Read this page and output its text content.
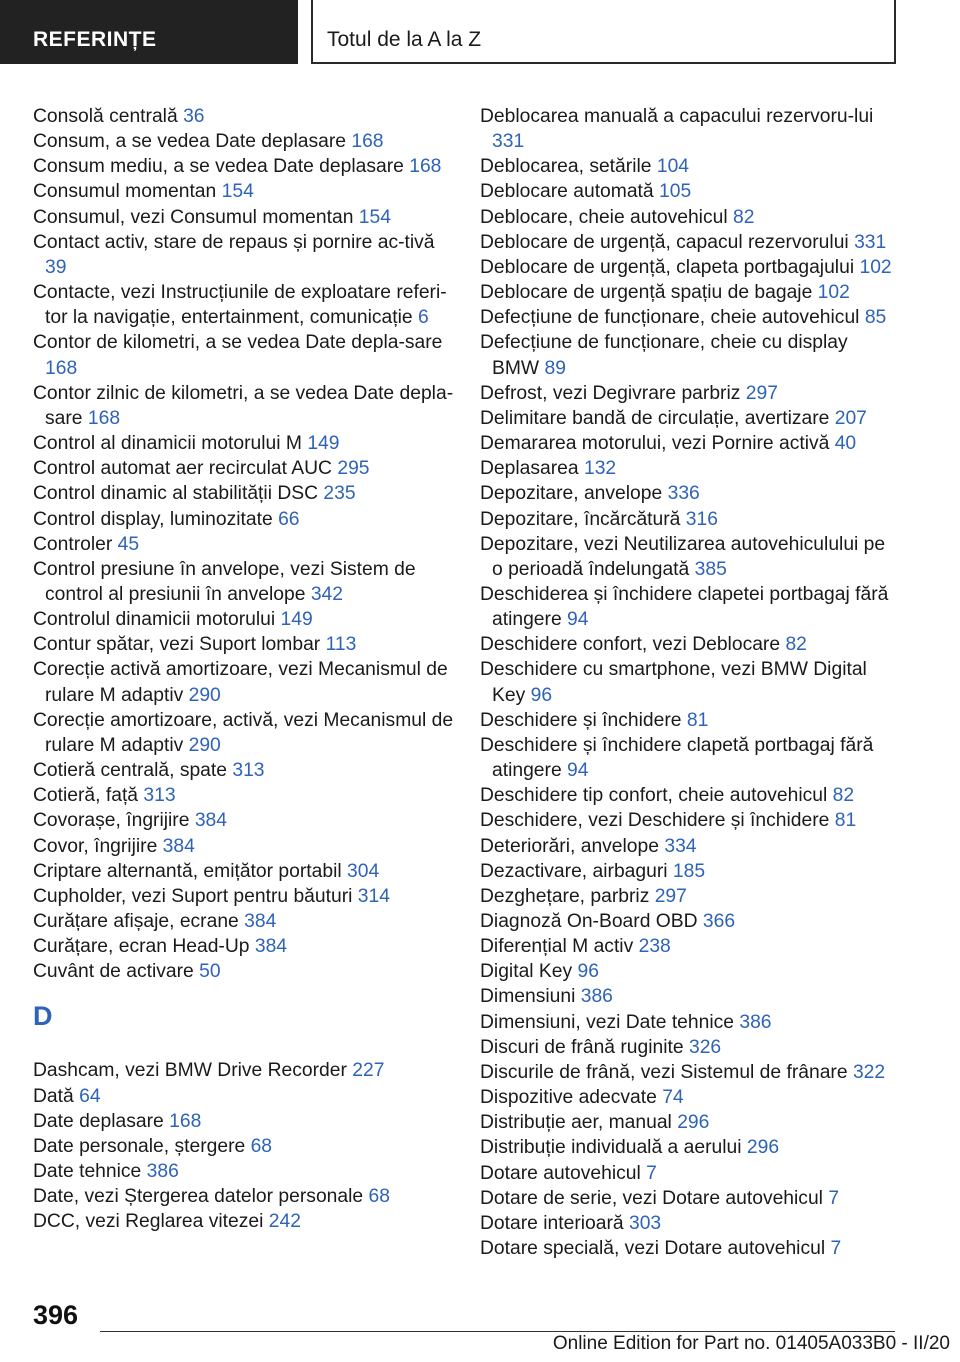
REFERINȚE	Totul de la A la Z
Consolă centrală 36
Consum, a se vedea Date deplasare 168
Consum mediu, a se vedea Date deplasare 168
Consumul momentan 154
Consumul, vezi Consumul momentan 154
Contact activ, stare de repaus și pornire ac-tivă 39
Contacte, vezi Instrucțiunile de exploatare referi-tor la navigație, entertainment, comunicație 6
Contor de kilometri, a se vedea Date depla-sare 168
Contor zilnic de kilometri, a se vedea Date depla-sare 168
Control al dinamicii motorului M 149
Control automat aer recirculat AUC 295
Control dinamic al stabilității DSC 235
Control display, luminozitate 66
Controler 45
Control presiune în anvelope, vezi Sistem de control al presiunii în anvelope 342
Controlul dinamicii motorului 149
Contur spătar, vezi Suport lombar 113
Corecție activă amortizoare, vezi Mecanismul de rulare M adaptiv 290
Corecție amortizoare, activă, vezi Mecanismul de rulare M adaptiv 290
Cotieră centrală, spate 313
Cotieră, față 313
Covorașe, îngrijire 384
Covor, îngrijire 384
Criptare alternantă, emițător portabil 304
Cupholder, vezi Suport pentru băuturi 314
Curățare afișaje, ecrane 384
Curățare, ecran Head-Up 384
Cuvânt de activare 50
D
Dashcam, vezi BMW Drive Recorder 227
Dată 64
Date deplasare 168
Date personale, ștergere 68
Date tehnice 386
Date, vezi Ștergerea datelor personale 68
DCC, vezi Reglarea vitezei 242
Deblocarea manuală a capacului rezervoru-lui 331
Deblocarea, setările 104
Deblocare automată 105
Deblocare, cheie autovehicul 82
Deblocare de urgență, capacul rezervorului 331
Deblocare de urgență, clapeta portbagajului 102
Deblocare de urgență spațiu de bagaje 102
Defecțiune de funcționare, cheie autovehicul 85
Defecțiune de funcționare, cheie cu display BMW 89
Defrost, vezi Degivrare parbriz 297
Delimitare bandă de circulație, avertizare 207
Demararea motorului, vezi Pornire activă 40
Deplasarea 132
Depozitare, anvelope 336
Depozitare, încărcătură 316
Depozitare, vezi Neutilizarea autovehiculului pe o perioadă îndelungată 385
Deschiderea și închidere clapetei portbagaj fără atingere 94
Deschidere confort, vezi Deblocare 82
Deschidere cu smartphone, vezi BMW Digital Key 96
Deschidere și închidere 81
Deschidere și închidere clapetă portbagaj fără atingere 94
Deschidere tip confort, cheie autovehicul 82
Deschidere, vezi Deschidere și închidere 81
Deteriorări, anvelope 334
Dezactivare, airbaguri 185
Dezghețare, parbriz 297
Diagnoză On-Board OBD 366
Diferențial M activ 238
Digital Key 96
Dimensiuni 386
Dimensiuni, vezi Date tehnice 386
Discuri de frână ruginite 326
Discurile de frână, vezi Sistemul de frânare 322
Dispozitive adecvate 74
Distribuție aer, manual 296
Distribuție individuală a aerului 296
Dotare autovehicul 7
Dotare de serie, vezi Dotare autovehicul 7
Dotare interioară 303
Dotare specială, vezi Dotare autovehicul 7
396
Online Edition for Part no. 01405A033B0 - II/20
